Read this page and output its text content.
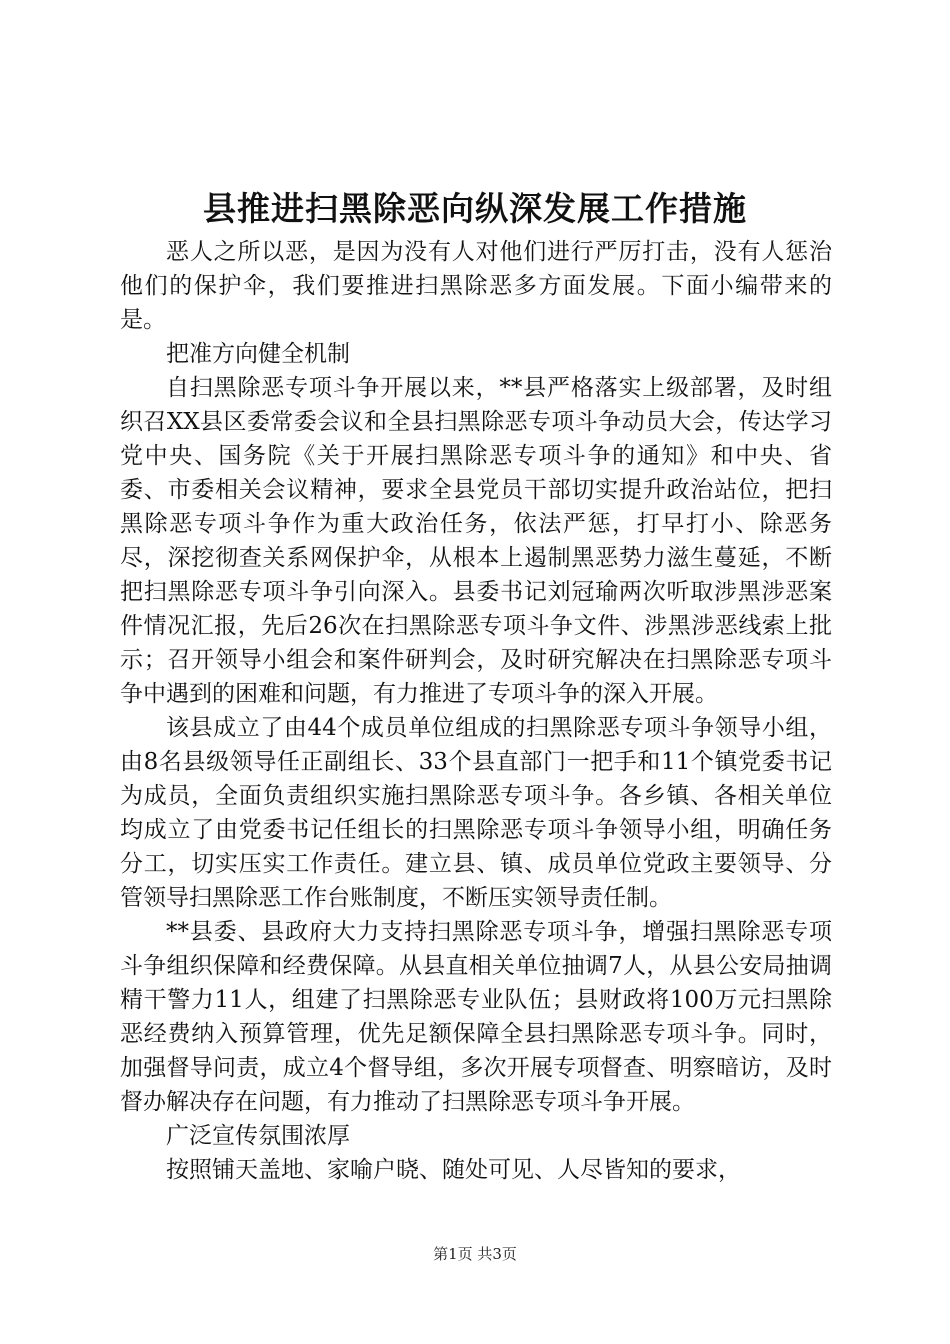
县推进扫黑除恶向纵深发展工作措施

恶人之所以恶，是因为没有人对他们进行严厉打击，没有人惩治他们的保护伞，我们要推进扫黑除恶多方面发展。下面小编带来的是。

把准方向健全机制

自扫黑除恶专项斗争开展以来，**县严格落实上级部署，及时组织召XX县区委常委会议和全县扫黑除恶专项斗争动员大会，传达学习党中央、国务院《关于开展扫黑除恶专项斗争的通知》和中央、省委、市委相关会议精神，要求全县党员干部切实提升政治站位，把扫黑除恶专项斗争作为重大政治任务，依法严惩，打早打小、除恶务尽，深挖彻查关系网保护伞，从根本上遏制黑恶势力滋生蔓延，不断把扫黑除恶专项斗争引向深入。县委书记刘冠瑜两次听取涉黑涉恶案件情况汇报，先后26次在扫黑除恶专项斗争文件、涉黑涉恶线索上批示；召开领导小组会和案件研判会，及时研究解决在扫黑除恶专项斗争中遇到的困难和问题，有力推进了专项斗争的深入开展。

该县成立了由44个成员单位组成的扫黑除恶专项斗争领导小组，由8名县级领导任正副组长、33个县直部门一把手和11个镇党委书记为成员，全面负责组织实施扫黑除恶专项斗争。各乡镇、各相关单位均成立了由党委书记任组长的扫黑除恶专项斗争领导小组，明确任务分工，切实压实工作责任。建立县、镇、成员单位党政主要领导、分管领导扫黑除恶工作台账制度，不断压实领导责任制。

**县委、县政府大力支持扫黑除恶专项斗争，增强扫黑除恶专项斗争组织保障和经费保障。从县直相关单位抽调7人，从县公安局抽调精干警力11人，组建了扫黑除恶专业队伍；县财政将100万元扫黑除恶经费纳入预算管理，优先足额保障全县扫黑除恶专项斗争。同时，加强督导问责，成立4个督导组，多次开展专项督查、明察暗访，及时督办解决存在问题，有力推动了扫黑除恶专项斗争开展。

广泛宣传氛围浓厚

按照铺天盖地、家喻户晓、随处可见、人尽皆知的要求，

第1页 共3页
